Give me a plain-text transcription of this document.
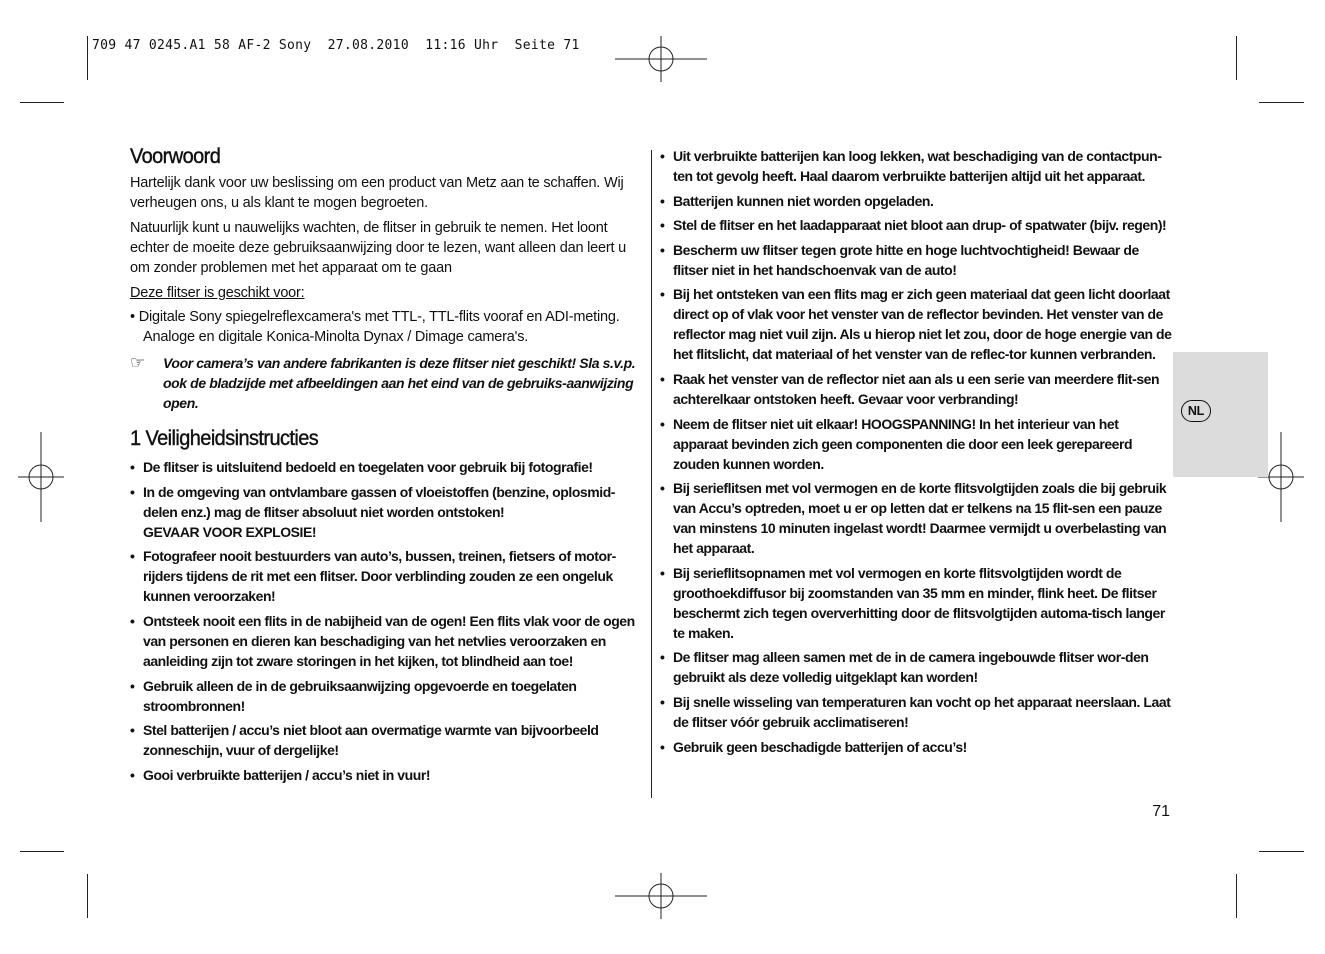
709 47 0245.A1 58 AF-2 Sony  27.08.2010  11:16 Uhr  Seite 71
Voorwoord

Hartelijk dank voor uw beslissing om een product van Metz aan te schaffen. Wij verheugen ons, u als klant te mogen begroeten.

Natuurlijk kunt u nauwelijks wachten, de flitser in gebruik te nemen. Het loont echter de moeite deze gebruiksaanwijzing door te lezen, want alleen dan leert u om zonder problemen met het apparaat om te gaan

Deze flitser is geschikt voor:
• Digitale Sony spiegelreflexcamera's met TTL-, TTL-flits vooraf en ADI-meting. Analoge en digitale Konica-Minolta Dynax / Dimage camera's.
☞ Voor camera’s van andere fabrikanten is deze flitser niet geschikt! Sla s.v.p. ook de bladzijde met afbeeldingen aan het eind van de gebruiks-aanwijzing open.
1 Veiligheidsinstructies
• De flitser is uitsluitend bedoeld en toegelaten voor gebruik bij fotografie!
• In de omgeving van ontvlambare gassen of vloeistoffen (benzine, oplosmid-delen enz.) mag de flitser absoluut niet worden ontstoken!
GEVAAR VOOR EXPLOSIE!
• Fotografeer nooit bestuurders van auto’s, bussen, treinen, fietsers of motor-rijders tijdens de rit met een flitser. Door verblinding zouden ze een ongeluk kunnen veroorzaken!
• Ontsteek nooit een flits in de nabijheid van de ogen! Een flits vlak voor de ogen van personen en dieren kan beschadiging van het netvlies veroorzaken en aanleiding zijn tot zware storingen in het kijken, tot blindheid aan toe!
• Gebruik alleen de in de gebruiksaanwijzing opgevoerde en toegelaten stroombronnen!
• Stel batterijen / accu’s niet bloot aan overmatige warmte van bijvoorbeeld zonneschijn, vuur of dergelijke!
• Gooi verbruikte batterijen / accu’s niet in vuur!
• Uit verbruikte batterijen kan loog lekken, wat beschadiging van de contactpun-ten tot gevolg heeft. Haal daarom verbruikte batterijen altijd uit het apparaat.
• Batterijen kunnen niet worden opgeladen.
• Stel de flitser en het laadapparaat niet bloot aan drup- of spatwater (bijv. regen)!
• Bescherm uw flitser tegen grote hitte en hoge luchtvochtigheid! Bewaar de flitser niet in het handschoenvak van de auto!
• Bij het ontsteken van een flits mag er zich geen materiaal dat geen licht doorlaat direct op of vlak voor het venster van de reflector bevinden. Het venster van de reflector mag niet vuil zijn. Als u hierop niet let zou, door de hoge energie van de het flitslicht, dat materiaal of het venster van de reflec-tor kunnen verbranden.
• Raak het venster van de reflector niet aan als u een serie van meerdere flit-sen achterelkaar ontstoken heeft. Gevaar voor verbranding!
• Neem de flitser niet uit elkaar! HOOGSPANNING! In het interieur van het apparaat bevinden zich geen componenten die door een leek gerepareerd zouden kunnen worden.
• Bij serieflitsen met vol vermogen en de korte flitsvolgtijden zoals die bij gebruik van Accu’s optreden, moet u er op letten dat er telkens na 15 flit-sen een pauze van minstens 10 minuten ingelast wordt! Daarmee vermijdt u overbelasting van het apparaat.
• Bij serieflitsopnamen met vol vermogen en korte flitsvolgtijden wordt de groothoekdiffusor bij zoomstanden van 35 mm en minder, flink heet. De flitser beschermt zich tegen oververhitting door de flitsvolgtijden automa-tisch langer te maken.
• De flitser mag alleen samen met de in de camera ingebouwde flitser wor-den gebruikt als deze volledig uitgeklapt kan worden!
• Bij snelle wisseling van temperaturen kan vocht op het apparaat neerslaan. Laat de flitser vóór gebruik acclimatiseren!
• Gebruik geen beschadigde batterijen of accu’s!
NL
71
